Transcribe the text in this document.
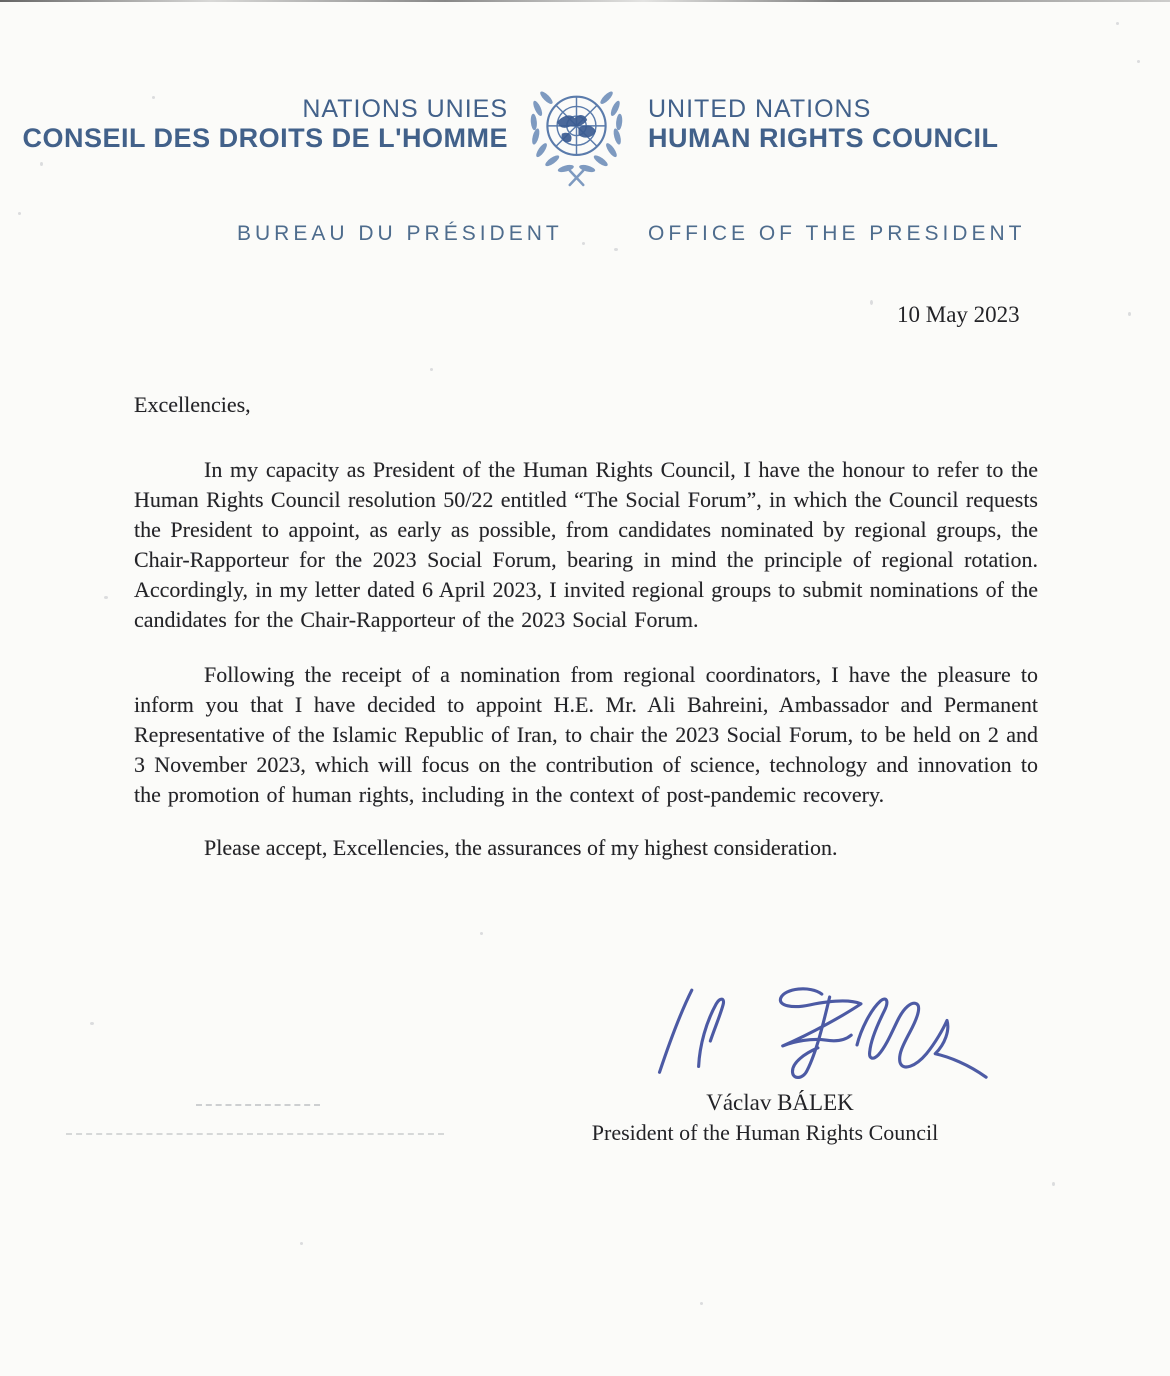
NATIONS UNIES
CONSEIL DES DROITS DE L'HOMME
UNITED NATIONS
HUMAN RIGHTS COUNCIL
BUREAU DU PRÉSIDENT	OFFICE OF THE PRESIDENT
10 May 2023
Excellencies,

In my capacity as President of the Human Rights Council, I have the honour to refer to the Human Rights Council resolution 50/22 entitled “The Social Forum”, in which the Council requests the President to appoint, as early as possible, from candidates nominated by regional groups, the Chair-Rapporteur for the 2023 Social Forum, bearing in mind the principle of regional rotation. Accordingly, in my letter dated 6 April 2023, I invited regional groups to submit nominations of the candidates for the Chair-Rapporteur of the 2023 Social Forum.

Following the receipt of a nomination from regional coordinators, I have the pleasure to inform you that I have decided to appoint H.E. Mr. Ali Bahreini, Ambassador and Permanent Representative of the Islamic Republic of Iran, to chair the 2023 Social Forum, to be held on 2 and 3 November 2023, which will focus on the contribution of science, technology and innovation to the promotion of human rights, including in the context of post-pandemic recovery.

Please accept, Excellencies, the assurances of my highest consideration.

Václav BÁLEK
President of the Human Rights Council
